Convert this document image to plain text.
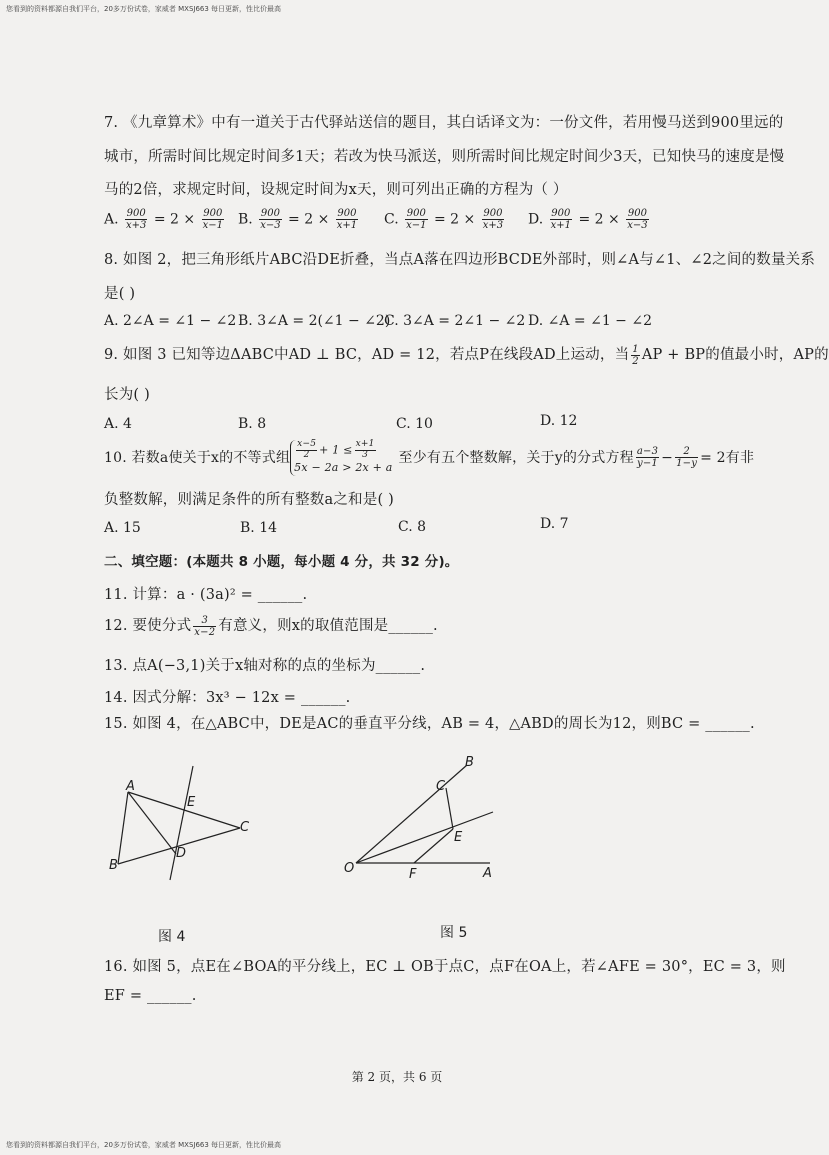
您看到的资料都源自我们平台，20多万份试卷，家威者 MXSJ663 每日更新，性比价最高
7. 《九章算术》中有一道关于古代驿站送信的题目，其白话译文为：一份文件，若用慢马送到900里远的
城市，所需时间比规定时间多1天；若改为快马派送，则所需时间比规定时间少3天，已知快马的速度是慢
马的2倍，求规定时间，设规定时间为x天，则可列出正确的方程为（ ）
A. $\frac{900}{x+3} = 2 \times \frac{900}{x-1} B$. $\frac{900}{x-3} = 2 \times \frac{900}{x+1} C$. $\frac{900}{x-1} = 2 \times \frac{900}{x+3} D$. $\frac{900}{x+1} = 2 \times \frac{900}{x-3}$
8. 如图 2，把三角形纸片ABC沿DE折叠，当点A落在四边形BCDE外部时，则∠A与∠1、∠2之间的数量关系
是( )
A. 2∠A = ∠1 − ∠2 B. 3∠A = 2(∠1 − ∠2)
C. 3∠A = 2∠1 − ∠2 D. ∠A = ∠1 − ∠2
9. 如图 3 已知等边ΔABC中AD ⊥ BC，AD = 12，若点P在线段AD上运动，当 $\frac{1}{2}$ AP + BP的值最小时，AP的
长为( )
A. 4	B. 8	C. 10	D. 12
10. 若数a使关于x的不等式组 $\frac{x-5}{2} + 1 \le \frac{x+1}{3}$
5x − 2a > 2x + a
至少有五个整数解，关于y的分式方程 $\frac{a-3}{y-1} - \frac{2}{1-y} = 2$有非
负整数解，则满足条件的所有整数a之和是( )
A. 15	B. 14	C. 8	D. 7
二、填空题：(本题共 8 小题，每小题 4 分，共 32 分)。
11. 计算：a · (3a)² = ______.
12. 要使分式 $\frac{3}{x-2}$ 有意义，则x的取值范围是______.
13. 点A(−3,1)关于x轴对称的点的坐标为______.
14. 因式分解：3x³ − 12x = ______.
15. 如图 4，在△ABC中，DE是AC的垂直平分线，AB = 4，△ABD的周长为12，则BC = ______.
A
B
C
D
E
图 4
O	A
B
C
E
F
图 5
16. 如图 5，点E在∠BOA的平分线上，EC ⊥ OB于点C，点F在OA上，若∠AFE = 30°，EC = 3，则
EF = ______.
第 2 页，共 6 页
您看到的资料都源自我们平台，20多万份试卷，家威者 MXSJ663 每日更新，性比价最高
